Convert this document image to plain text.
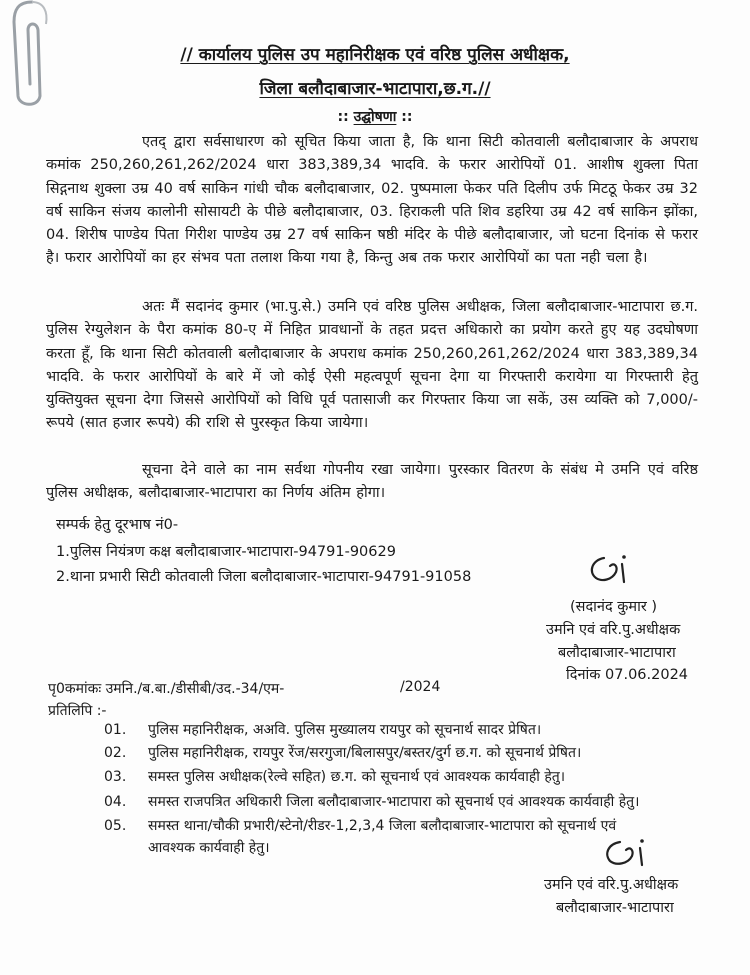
// कार्यालय पुलिस उप महानिरीक्षक एवं वरिष्ठ पुलिस अधीक्षक,
जिला बलौदाबाजार-भाटापारा,छ.ग.//
:: उद्घोषणा ::
एतद् द्वारा सर्वसाधारण को सूचित किया जाता है, कि थाना सिटी कोतवाली बलौदाबाजार के अपराध कमांक 250,260,261,262/2024 धारा 383,389,34 भादवि. के फरार आरोपियों 01. आशीष शुक्ला पिता सिद्गनाथ शुक्ला उम्र 40 वर्ष साकिन गांधी चौक बलौदाबाजार, 02. पुष्पमाला फेकर पति दिलीप उर्फ मिटठू फेकर उम्र 32 वर्ष साकिन संजय कालोनी सोसायटी के पीछे बलौदाबाजार, 03. हिराकली पति शिव डहरिया उम्र 42 वर्ष साकिन झोंका, 04. शिरीष पाण्डेय पिता गिरीश पाण्डेय उम्र 27 वर्ष साकिन षष्ठी मंदिर के पीछे बलौदाबाजार, जो घटना दिनांक से फरार है। फरार आरोपियों का हर संभव पता तलाश किया गया है, किन्तु अब तक फरार आरोपियों का पता नही चला है।
अतः मैं सदानंद कुमार (भा.पु.से.) उमनि एवं वरिष्ठ पुलिस अधीक्षक, जिला बलौदाबाजार-भाटापारा छ.ग. पुलिस रेग्युलेशन के पैरा कमांक 80-ए में निहित प्रावधानों के तहत प्रदत्त अधिकारो का प्रयोग करते हुए यह उदघोषणा करता हूँ, कि थाना सिटी कोतवाली बलौदाबाजार के अपराध कमांक 250,260,261,262/2024 धारा 383,389,34 भादवि. के फरार आरोपियों के बारे में जो कोई ऐसी महत्वपूर्ण सूचना देगा या गिरफ्तारी करायेगा या गिरफ्तारी हेतु युक्तियुक्त सूचना देगा जिससे आरोपियों को विधि पूर्व पतासाजी कर गिरफ्तार किया जा सकें, उस व्यक्ति को 7,000/- रूपये (सात हजार रूपये) की राशि से पुरस्कृत किया जायेगा।
सूचना देने वाले का नाम सर्वथा गोपनीय रखा जायेगा। पुरस्कार वितरण के संबंध मे उमनि एवं वरिष्ठ पुलिस अधीक्षक, बलौदाबाजार-भाटापारा का निर्णय अंतिम होगा।
सम्पर्क हेतु दूरभाष नं0-
1.पुलिस नियंत्रण कक्ष बलौदाबाजार-भाटापारा-94791-90629
2.थाना प्रभारी सिटी कोतवाली जिला बलौदाबाजार-भाटापारा-94791-91058
(सदानंद कुमार )
उमनि एवं वरि.पु.अधीक्षक
बलौदाबाजार-भाटापारा
दिनांक 07.06.2024
पृ0कमांकः उमनि./ब.बा./डीसीबी/उद.-34/एम-	/2024
प्रतिलिपि :-
01. पुलिस महानिरीक्षक, अअवि. पुलिस मुख्यालय रायपुर को सूचनार्थ सादर प्रेषित।
02. पुलिस महानिरीक्षक, रायपुर रेंज/सरगुजा/बिलासपुर/बस्तर/दुर्ग छ.ग. को सूचनार्थ प्रेषित।
03. समस्त पुलिस अधीक्षक(रेल्वे सहित) छ.ग. को सूचनार्थ एवं आवश्यक कार्यवाही हेतु।
04. समस्त राजपत्रित अधिकारी जिला बलौदाबाजार-भाटापारा को सूचनार्थ एवं आवश्यक कार्यवाही हेतु।
05. समस्त थाना/चौकी प्रभारी/स्टेनो/रीडर-1,2,3,4 जिला बलौदाबाजार-भाटापारा को सूचनार्थ एवं
आवश्यक कार्यवाही हेतु।
उमनि एवं वरि.पु.अधीक्षक
बलौदाबाजार-भाटापारा
